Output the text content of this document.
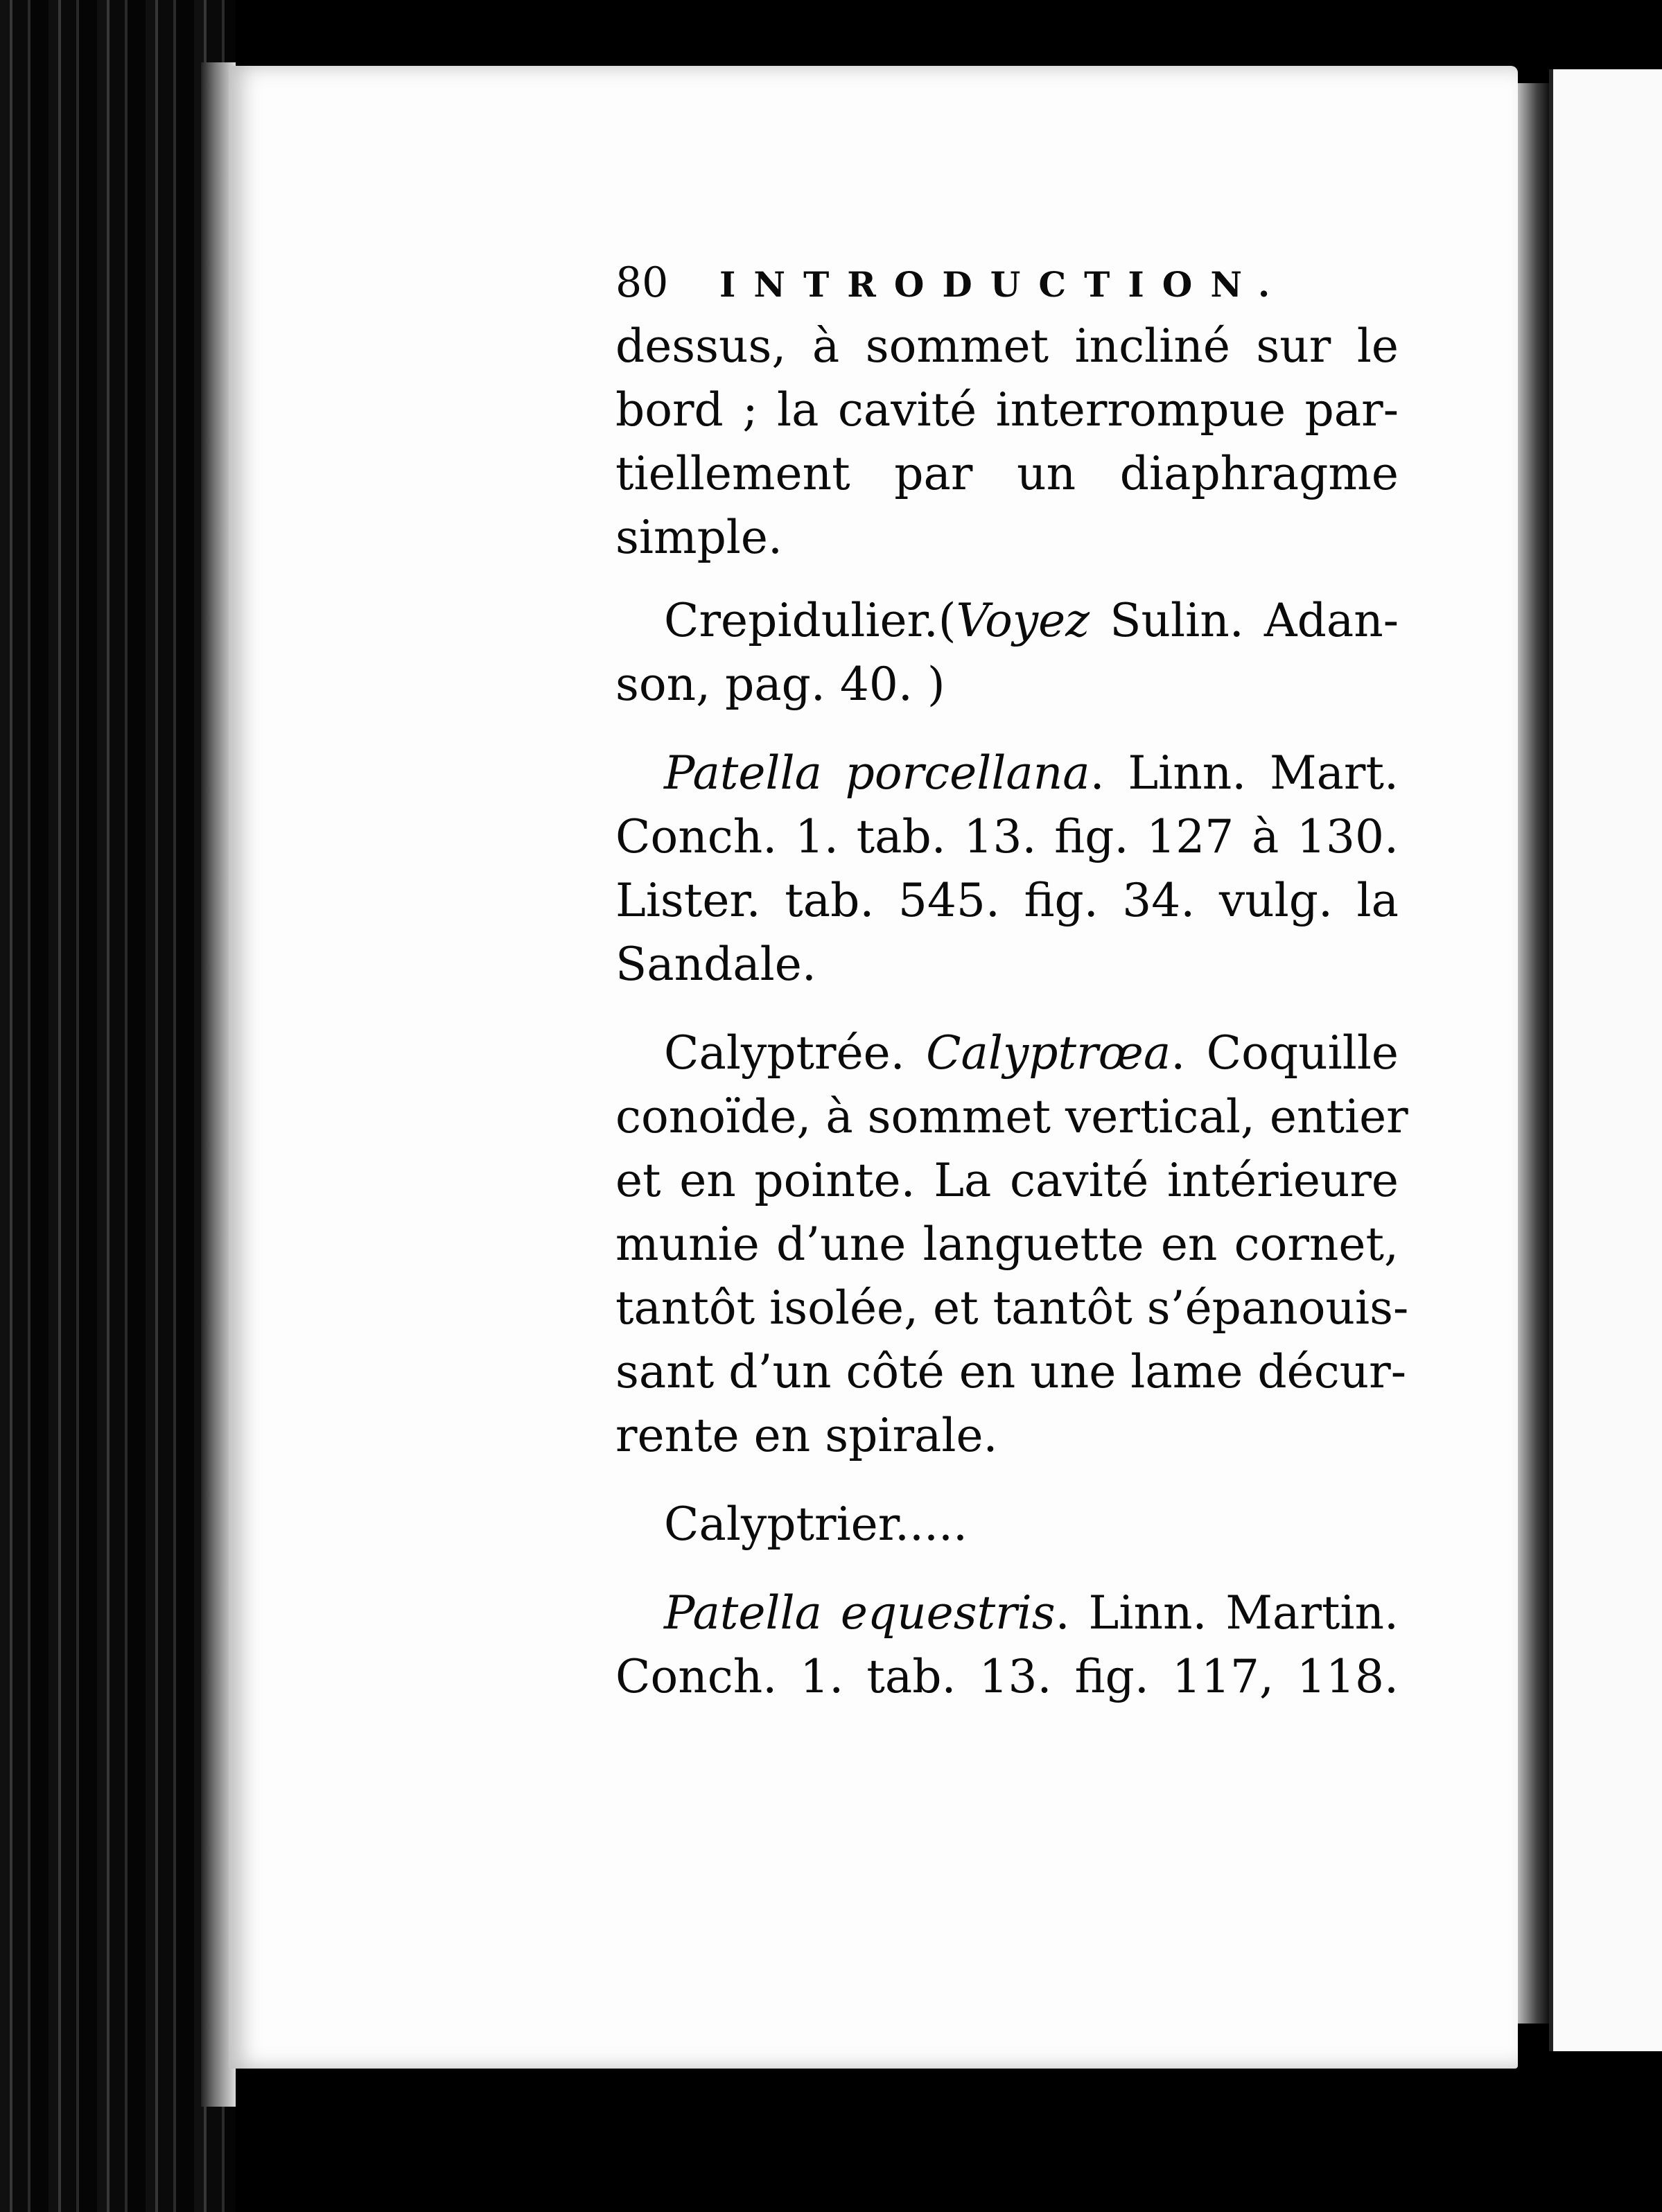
80	INTRODUCTION.

dessus, à sommet incliné sur le
bord ; la cavité interrompue par-
tiellement par un diaphragme
simple.

Crepidulier.(Voyez Sulin. Adan-
son, pag. 40. )

Patella porcellana. Linn. Mart.
Conch. 1. tab. 13. fig. 127 à 130.
Lister. tab. 545. fig. 34. vulg. la
Sandale.

Calyptrée. Calyptrœa. Coquille
conoïde, à sommet vertical, entier
et en pointe. La cavité intérieure
munie d’une languette en cornet,
tantôt isolée, et tantôt s’épanouis-
sant d’un côté en une lame décur-
rente en spirale.

Calyptrier.....

Patella equestris. Linn. Martin.
Conch. 1. tab. 13. fig. 117, 118.
